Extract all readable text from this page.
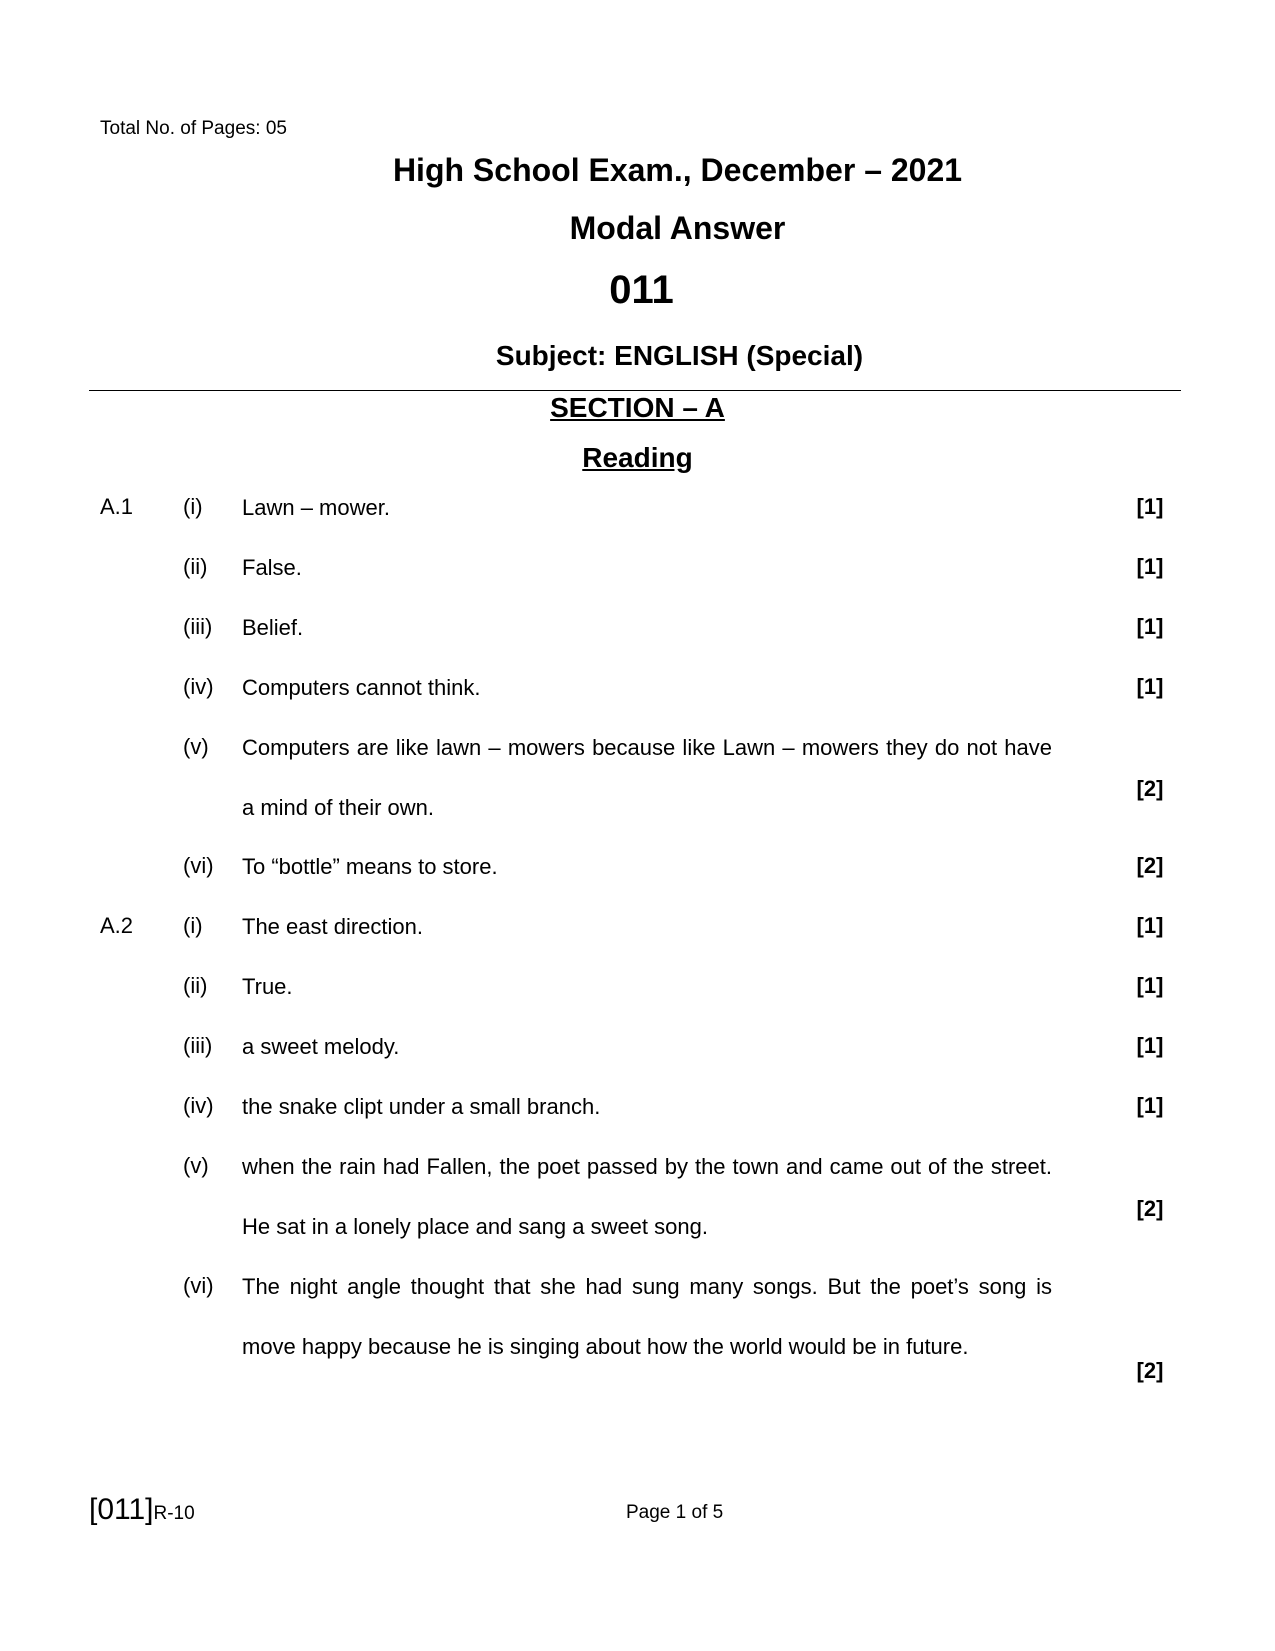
Total No. of Pages: 05
High School Exam., December – 2021
Modal Answer
011
Subject: ENGLISH (Special)
SECTION – A
Reading
A.1 (i) Lawn – mower.	[1]
(ii) False.	[1]
(iii) Belief.	[1]
(iv) Computers cannot think.	[1]
(v) Computers are like lawn – mowers because like Lawn – mowers they do not have a mind of their own.
[2]
(vi) To “bottle” means to store.	[2]
A.2 (i) The east direction.	[1]
(ii) True.	[1]
(iii) a sweet melody.	[1]
(iv) the snake clipt under a small branch.	[1]
(v) when the rain had Fallen, the poet passed by the town and came out of the street. He sat in a lonely place and sang a sweet song.
[2]
(vi) The night angle thought that she had sung many songs. But the poet’s song is move happy because he is singing about how the world would be in future.
[2]
[011]R-10	Page 1 of 5
